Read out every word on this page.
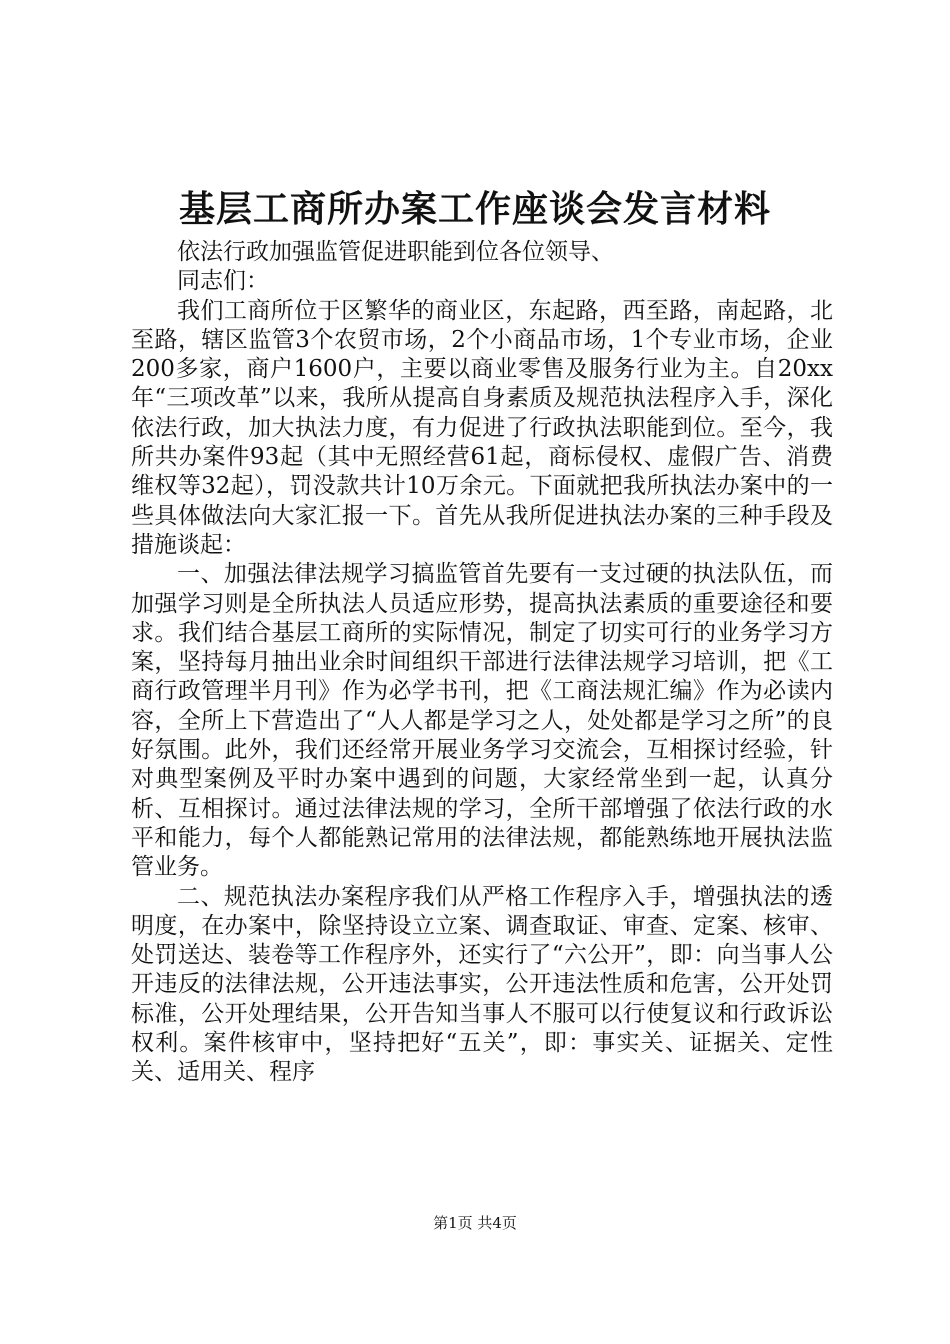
基层工商所办案工作座谈会发言材料

依法行政加强监管促进职能到位各位领导、

同志们：

我们工商所位于区繁华的商业区，东起路，西至路，南起路，北至路，辖区监管3个农贸市场，2个小商品市场，1个专业市场，企业200多家，商户1600户，主要以商业零售及服务行业为主。自20xx年“三项改革”以来，我所从提高自身素质及规范执法程序入手，深化依法行政，加大执法力度，有力促进了行政执法职能到位。至今，我所共办案件93起（其中无照经营61起，商标侵权、虚假广告、消费维权等32起），罚没款共计10万余元。下面就把我所执法办案中的一些具体做法向大家汇报一下。首先从我所促进执法办案的三种手段及措施谈起：

一、加强法律法规学习搞监管首先要有一支过硬的执法队伍，而加强学习则是全所执法人员适应形势，提高执法素质的重要途径和要求。我们结合基层工商所的实际情况，制定了切实可行的业务学习方案，坚持每月抽出业余时间组织干部进行法律法规学习培训，把《工商行政管理半月刊》作为必学书刊，把《工商法规汇编》作为必读内容，全所上下营造出了“人人都是学习之人，处处都是学习之所”的良好氛围。此外，我们还经常开展业务学习交流会，互相探讨经验，针对典型案例及平时办案中遇到的问题，大家经常坐到一起，认真分析、互相探讨。通过法律法规的学习，全所干部增强了依法行政的水平和能力，每个人都能熟记常用的法律法规，都能熟练地开展执法监管业务。

二、规范执法办案程序我们从严格工作程序入手，增强执法的透明度，在办案中，除坚持设立立案、调查取证、审查、定案、核审、处罚送达、装卷等工作程序外，还实行了“六公开”，即：向当事人公开违反的法律法规，公开违法事实，公开违法性质和危害，公开处罚标准，公开处理结果，公开告知当事人不服可以行使复议和行政诉讼权利。案件核审中，坚持把好“五关”，即：事实关、证据关、定性关、适用关、程序

第1页 共4页
